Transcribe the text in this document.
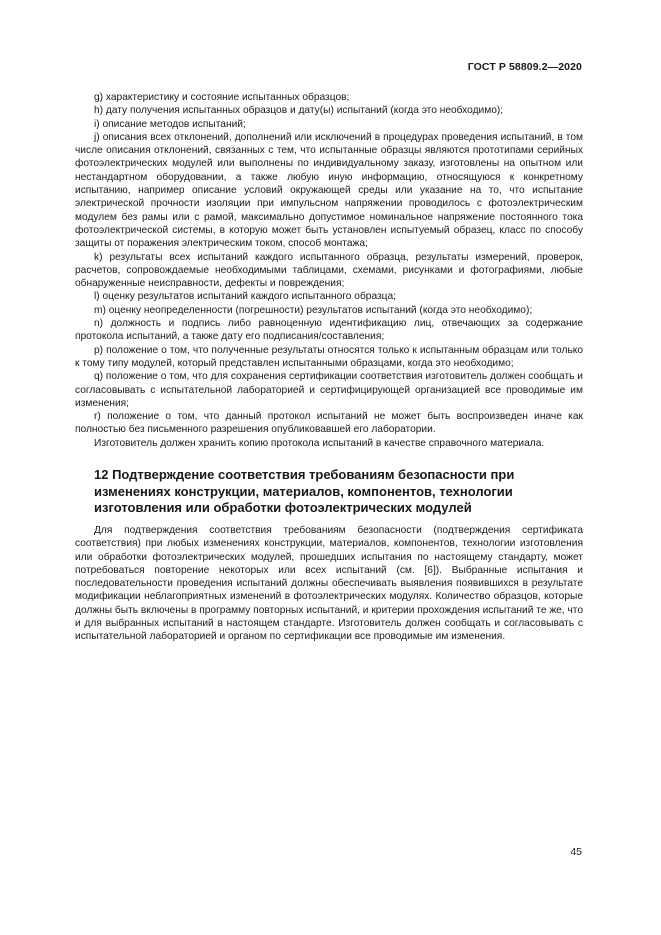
ГОСТ Р 58809.2—2020

g) характеристику и состояние испытанных образцов;

h) дату получения испытанных образцов и дату(ы) испытаний (когда это необходимо);

i) описание методов испытаний;

j) описания всех отклонений, дополнений или исключений в процедурах проведения испытаний, в том числе описания отклонений, связанных с тем, что испытанные образцы являются прототипами серийных фотоэлектрических модулей или выполнены по индивидуальному заказу, изготовлены на опытном или нестандартном оборудовании, а также любую иную информацию, относящуюся к конкретному испытанию, например описание условий окружающей среды или указание на то, что испытание электрической прочности изоляции при импульсном напряжении проводилось с фотоэлектрическим модулем без рамы или с рамой, максимально допустимое номинальное напряжение постоянного тока фотоэлектрической системы, в которую может быть установлен испытуемый образец, класс по способу защиты от поражения электрическим током, способ монтажа;

k) результаты всех испытаний каждого испытанного образца, результаты измерений, проверок, расчетов, сопровождаемые необходимыми таблицами, схемами, рисунками и фотографиями, любые обнаруженные неисправности, дефекты и повреждения;

l) оценку результатов испытаний каждого испытанного образца;

m) оценку неопределенности (погрешности) результатов испытаний (когда это необходимо);

n) должность и подпись либо равноценную идентификацию лиц, отвечающих за содержание протокола испытаний, а также дату его подписания/составления;

p) положение о том, что полученные результаты относятся только к испытанным образцам или только к тому типу модулей, который представлен испытанными образцами, когда это необходимо;

q) положение о том, что для сохранения сертификации соответствия изготовитель должен сообщать и согласовывать с испытательной лабораторией и сертифицирующей организацией все проводимые им изменения;

r) положение о том, что данный протокол испытаний не может быть воспроизведен иначе как полностью без письменного разрешения опубликовавшей его лаборатории.

Изготовитель должен хранить копию протокола испытаний в качестве справочного материала.

12 Подтверждение соответствия требованиям безопасности при изменениях конструкции, материалов, компонентов, технологии изготовления или обработки фотоэлектрических модулей

Для подтверждения соответствия требованиям безопасности (подтверждения сертификата соответствия) при любых изменениях конструкции, материалов, компонентов, технологии изготовления или обработки фотоэлектрических модулей, прошедших испытания по настоящему стандарту, может потребоваться повторение некоторых или всех испытаний (см. [6]). Выбранные испытания и последовательности проведения испытаний должны обеспечивать выявления появившихся в результате модификации неблагоприятных изменений в фотоэлектрических модулях. Количество образцов, которые должны быть включены в программу повторных испытаний, и критерии прохождения испытаний те же, что и для выбранных испытаний в настоящем стандарте. Изготовитель должен сообщать и согласовывать с испытательной лабораторией и органом по сертификации все проводимые им изменения.

45
